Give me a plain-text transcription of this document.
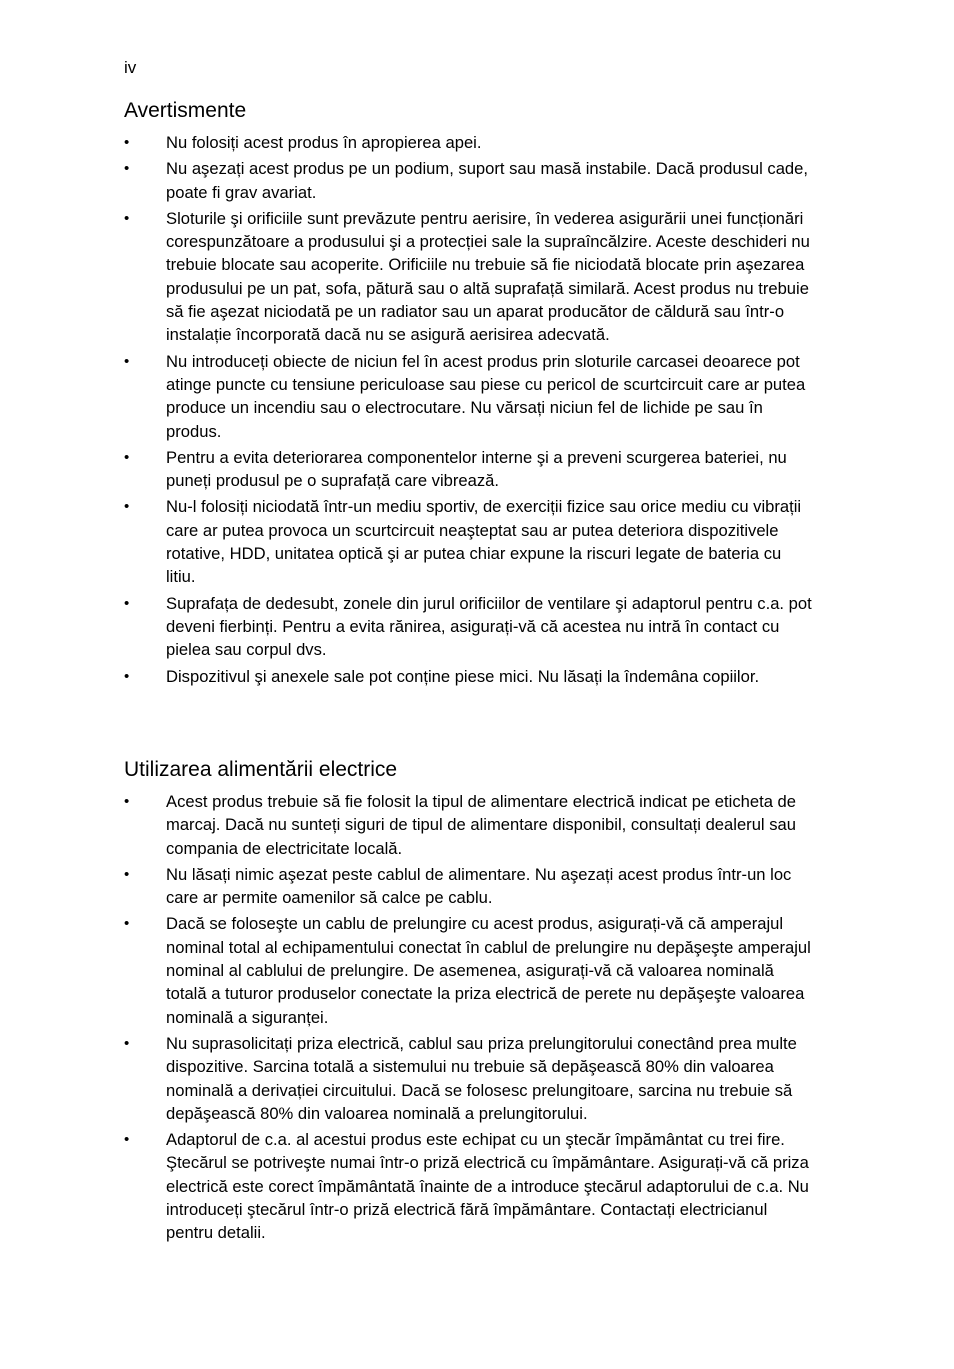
iv
Avertismente
• Nu folosiți acest produs în apropierea apei.
• Nu aşezați acest produs pe un podium, suport sau masă instabile. Dacă produsul cade, poate fi grav avariat.
• Sloturile şi orificiile sunt prevăzute pentru aerisire, în vederea asigurării unei funcționări corespunzătoare a produsului şi a protecției sale la supraîncălzire. Aceste deschideri nu trebuie blocate sau acoperite. Orificiile nu trebuie să fie niciodată blocate prin aşezarea produsului pe un pat, sofa, pătură sau o altă suprafață similară. Acest produs nu trebuie să fie aşezat niciodată pe un radiator sau un aparat producător de căldură sau într-o instalație încorporată dacă nu se asigură aerisirea adecvată.
• Nu introduceți obiecte de niciun fel în acest produs prin sloturile carcasei deoarece pot atinge puncte cu tensiune periculoase sau piese cu pericol de scurtcircuit care ar putea produce un incendiu sau o electrocutare. Nu vărsați niciun fel de lichide pe sau în produs.
• Pentru a evita deteriorarea componentelor interne şi a preveni scurgerea bateriei, nu puneți produsul pe o suprafață care vibrează.
• Nu-l folosiți niciodată într-un mediu sportiv, de exerciții fizice sau orice mediu cu vibrații care ar putea provoca un scurtcircuit neaşteptat sau ar putea deteriora dispozitivele rotative, HDD, unitatea optică şi ar putea chiar expune la riscuri legate de bateria cu litiu.
• Suprafața de dedesubt, zonele din jurul orificiilor de ventilare şi adaptorul pentru c.a. pot deveni fierbinți. Pentru a evita rănirea, asigurați-vă că acestea nu intră în contact cu pielea sau corpul dvs.
• Dispozitivul şi anexele sale pot conține piese mici. Nu lăsați la îndemâna copiilor.
Utilizarea alimentării electrice
• Acest produs trebuie să fie folosit la tipul de alimentare electrică indicat pe eticheta de marcaj. Dacă nu sunteți siguri de tipul de alimentare disponibil, consultați dealerul sau compania de electricitate locală.
• Nu lăsați nimic aşezat peste cablul de alimentare. Nu aşezați acest produs într-un loc care ar permite oamenilor să calce pe cablu.
• Dacă se foloseşte un cablu de prelungire cu acest produs, asigurați-vă că amperajul nominal total al echipamentului conectat în cablul de prelungire nu depăşeşte amperajul nominal al cablului de prelungire. De asemenea, asigurați-vă că valoarea nominală totală a tuturor produselor conectate la priza electrică de perete nu depăşeşte valoarea nominală a siguranței.
• Nu suprasolicitați priza electrică, cablul sau priza prelungitorului conectând prea multe dispozitive. Sarcina totală a sistemului nu trebuie să depăşească 80% din valoarea nominală a derivației circuitului. Dacă se folosesc prelungitoare, sarcina nu trebuie să depăşească 80% din valoarea nominală a prelungitorului.
• Adaptorul de c.a. al acestui produs este echipat cu un ştecăr împământat cu trei fire. Ştecărul se potriveşte numai într-o priză electrică cu împământare. Asigurați-vă că priza electrică este corect împământată înainte de a introduce ştecărul adaptorului de c.a. Nu introduceți ştecărul într-o priză electrică fără împământare. Contactați electricianul pentru detalii.
